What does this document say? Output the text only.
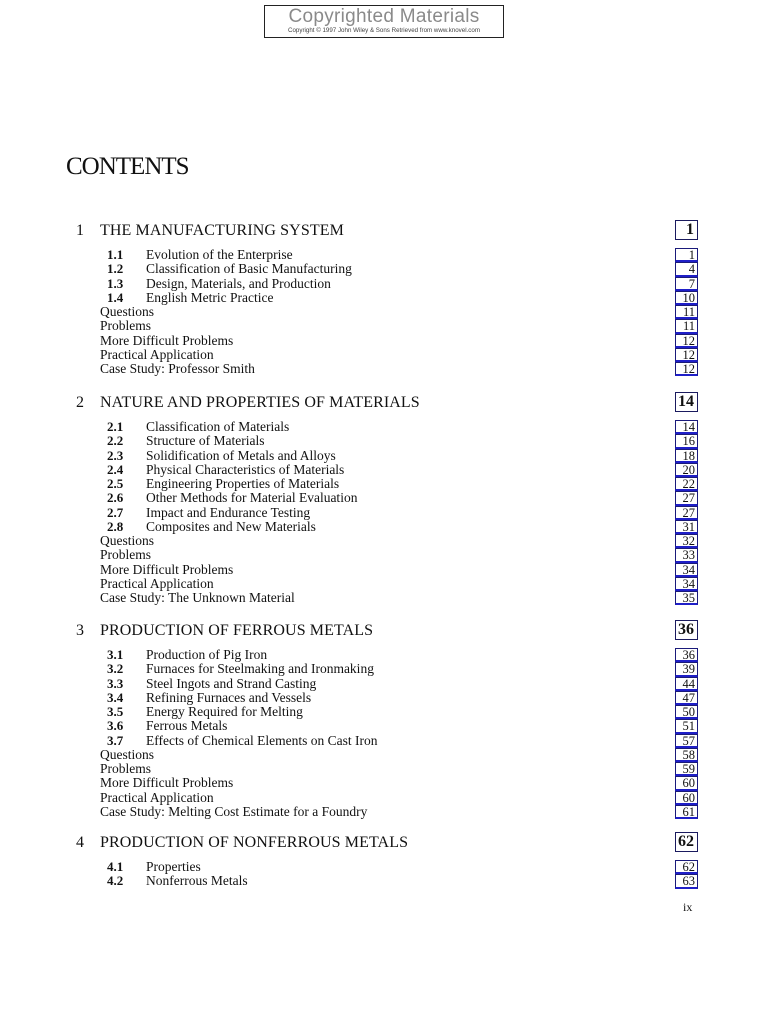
Copyrighted Materials
Copyright © 1997 John Wiley & Sons Retrieved from www.knovel.com
CONTENTS
1 THE MANUFACTURING SYSTEM	1
1.1 Evolution of the Enterprise	1
1.2 Classification of Basic Manufacturing	4
1.3 Design, Materials, and Production	7
1.4 English Metric Practice	10
Questions	11
Problems	11
More Difficult Problems	12
Practical Application	12
Case Study: Professor Smith	12
2 NATURE AND PROPERTIES OF MATERIALS	14
2.1 Classification of Materials	14
2.2 Structure of Materials	16
2.3 Solidification of Metals and Alloys	18
2.4 Physical Characteristics of Materials	20
2.5 Engineering Properties of Materials	22
2.6 Other Methods for Material Evaluation	27
2.7 Impact and Endurance Testing	27
2.8 Composites and New Materials	31
Questions	32
Problems	33
More Difficult Problems	34
Practical Application	34
Case Study: The Unknown Material	35
3 PRODUCTION OF FERROUS METALS	36
3.1 Production of Pig Iron	36
3.2 Furnaces for Steelmaking and Ironmaking	39
3.3 Steel Ingots and Strand Casting	44
3.4 Refining Furnaces and Vessels	47
3.5 Energy Required for Melting	50
3.6 Ferrous Metals	51
3.7 Effects of Chemical Elements on Cast Iron	57
Questions	58
Problems	59
More Difficult Problems	60
Practical Application	60
Case Study: Melting Cost Estimate for a Foundry	61
4 PRODUCTION OF NONFERROUS METALS	62
4.1 Properties	62
4.2 Nonferrous Metals	63
ix
